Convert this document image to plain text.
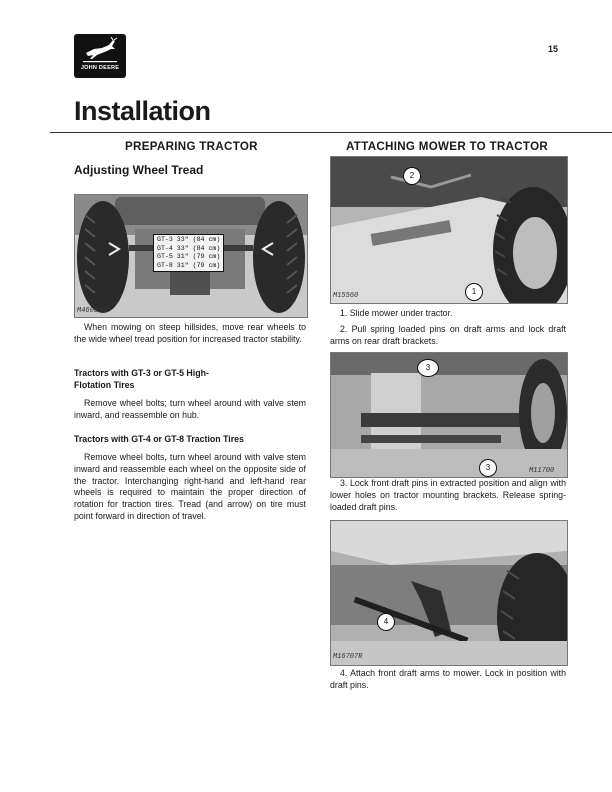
JOHN DEERE
15
Installation
PREPARING TRACTOR
Adjusting Wheel Tread
M46039N
GT-3 33" (84 cm)
GT-4 33" (84 cm)
GT-5 31" (79 cm)
GT-8 31" (79 cm)
When mowing on steep hillsides, move rear wheels to the wide wheel tread position for increased tractor stability.
Tractors with GT-3 or GT-5 High-Flotation Tires
Remove wheel bolts; turn wheel around with valve stem inward, and reassemble on hub.
Tractors with GT-4 or GT-8 Traction Tires
Remove wheel bolts, turn wheel around with valve stem inward and reassemble each wheel on the opposite side of the tractor. Interchanging right-hand and left-hand rear wheels is required to maintain the proper direction of rotation for traction tires. Tread (and arrow) on tire must point forward in direction of travel.
ATTACHING MOWER TO TRACTOR
2
1
M15560
1. Slide mower under tractor.
2. Pull spring loaded pins on draft arms and lock draft arms on rear draft brackets.
3
3	M11700
3. Lock front draft pins in extracted position and align with lower holes on tractor mounting brackets. Release spring-loaded draft pins.
4
M16707R
4. Attach front draft arms to mower. Lock in position with draft pins.
